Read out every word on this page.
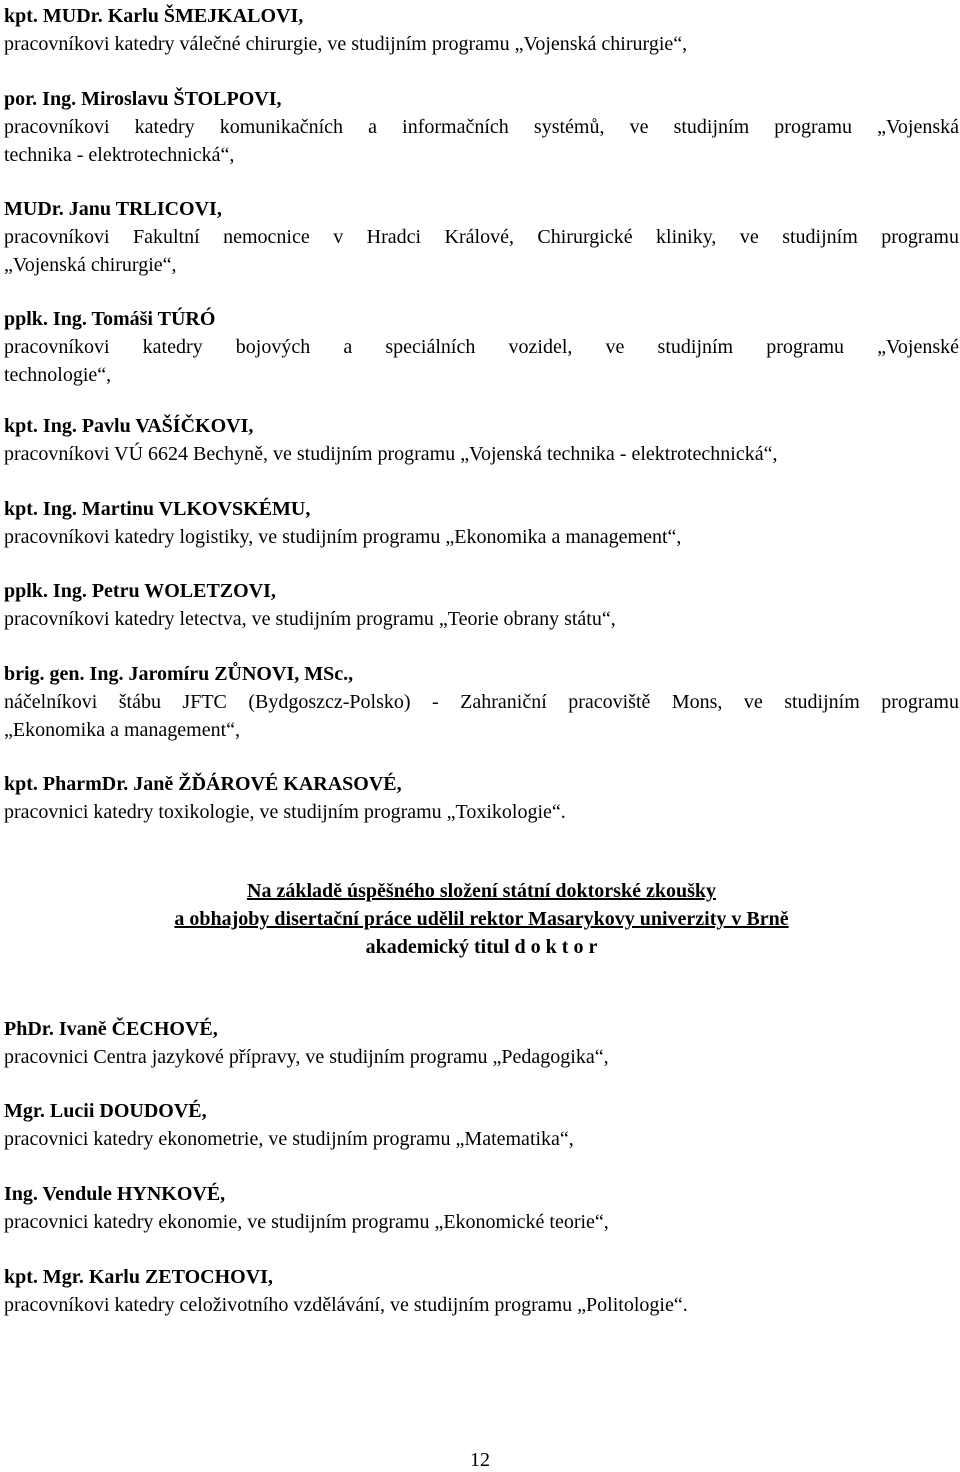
kpt. MUDr. Karlu ŠMEJKALOVI,
pracovníkovi katedry válečné chirurgie, ve studijním programu „Vojenská chirurgie“,
por. Ing. Miroslavu ŠTOLPOVI,
pracovníkovi katedry komunikačních a informačních systémů, ve studijním programu „Vojenská
technika - elektrotechnická“,
MUDr. Janu TRLICOVI,
pracovníkovi Fakultní nemocnice v Hradci Králové, Chirurgické kliniky, ve studijním programu
„Vojenská chirurgie“,
pplk. Ing. Tomáši TÚRÓ
pracovníkovi katedry bojových a speciálních vozidel, ve studijním programu „Vojenské
technologie“,
kpt. Ing. Pavlu VAŠÍČKOVI,
pracovníkovi VÚ 6624 Bechyně, ve studijním programu „Vojenská technika - elektrotechnická“,
kpt. Ing. Martinu VLKOVSKÉMU,
pracovníkovi katedry logistiky, ve studijním programu „Ekonomika a management“,
pplk. Ing. Petru WOLETZOVI,
pracovníkovi katedry letectva, ve studijním programu „Teorie obrany státu“,
brig. gen. Ing. Jaromíru ZŮNOVI, MSc.,
náčelníkovi štábu JFTC (Bydgoszcz-Polsko) - Zahraniční pracoviště Mons, ve studijním programu
„Ekonomika a management“,
kpt. PharmDr. Janě ŽĎÁROVÉ KARASOVÉ,
pracovnici katedry toxikologie, ve studijním programu „Toxikologie“.
Na základě úspěšného složení státní doktorské zkoušky
a obhajoby disertační práce udělil rektor Masarykovy univerzity v Brně
akademický titul d o k t o r
PhDr. Ivaně ČECHOVÉ,
pracovnici Centra jazykové přípravy, ve studijním programu „Pedagogika“,
Mgr. Lucii DOUDOVÉ,
pracovnici katedry ekonometrie, ve studijním programu „Matematika“,
Ing. Vendule HYNKOVÉ,
pracovnici katedry ekonomie, ve studijním programu „Ekonomické teorie“,
kpt. Mgr. Karlu ZETOCHOVI,
pracovníkovi katedry celoživotního vzdělávání, ve studijním programu „Politologie“.
12
